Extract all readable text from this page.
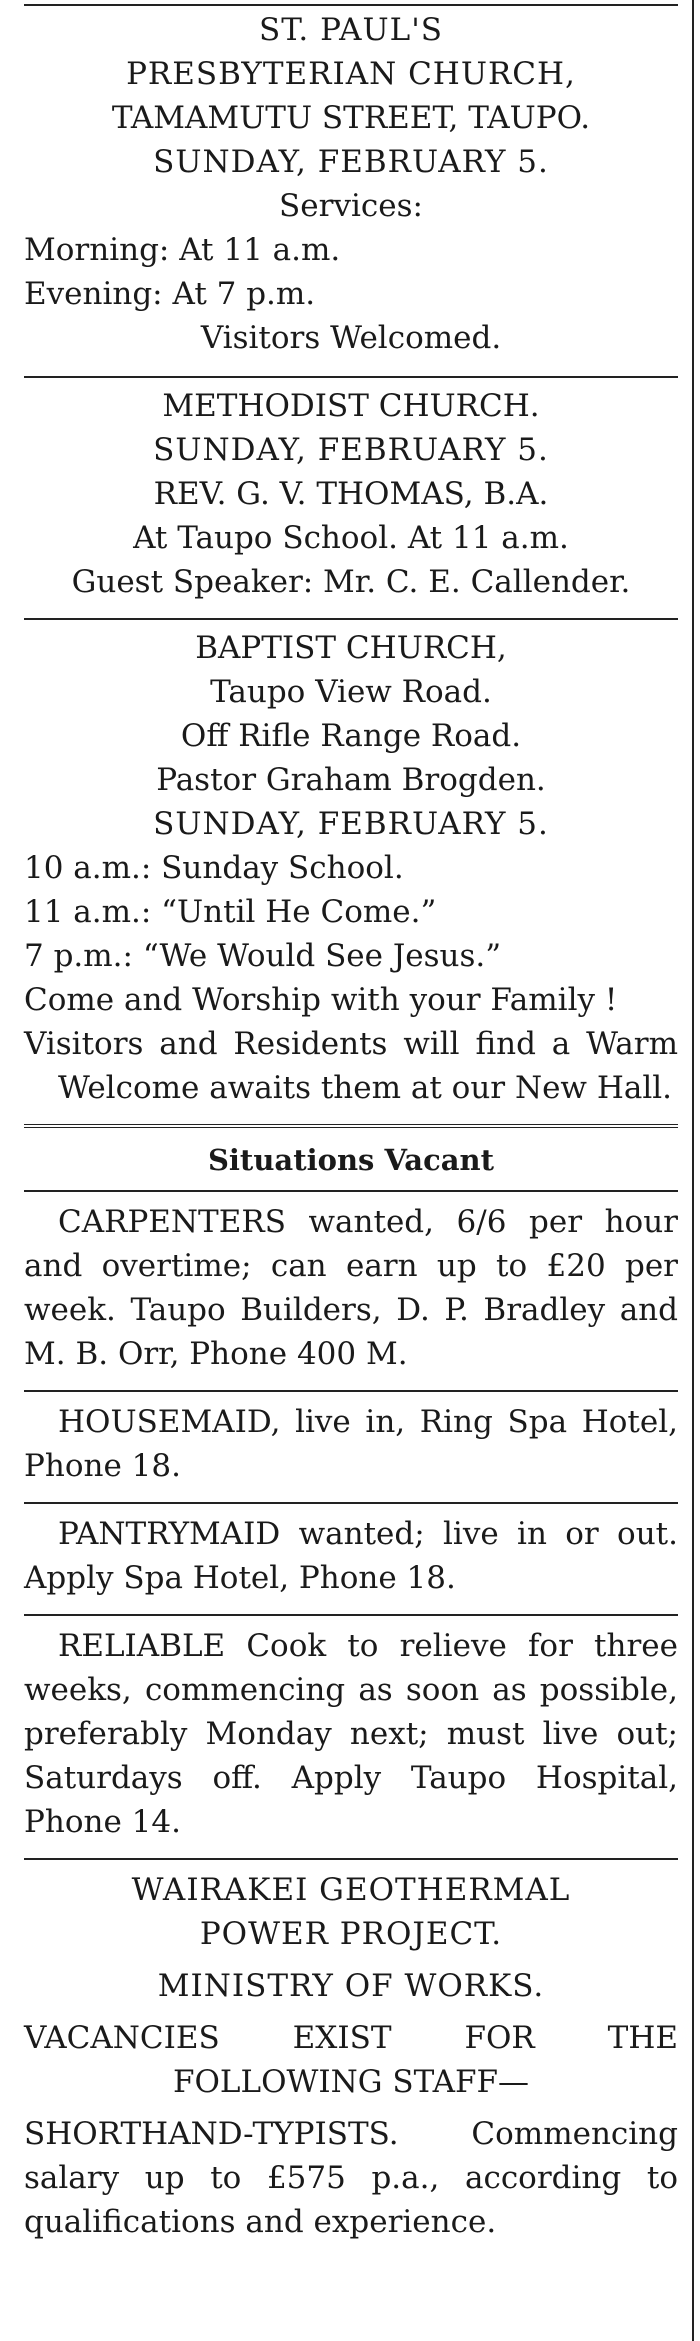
ST. PAUL'S
PRESBYTERIAN CHURCH,
TAMAMUTU STREET, TAUPO.
SUNDAY, FEBRUARY 5.
Services:
Morning: At 11 a.m.
Evening: At 7 p.m.
Visitors Welcomed.
METHODIST CHURCH.
SUNDAY, FEBRUARY 5.
REV. G. V. THOMAS, B.A.
At Taupo School. At 11 a.m.
Guest Speaker: Mr. C. E. Callender.
BAPTIST CHURCH,
Taupo View Road.
Off Rifle Range Road.
Pastor Graham Brogden.
SUNDAY, FEBRUARY 5.
10 a.m.: Sunday School.
11 a.m.: “Until He Come.”
7 p.m.: “We Would See Jesus.”
Come and Worship with your Family !
Visitors and Residents will find a Warm Welcome awaits them at our New Hall.
Situations Vacant
CARPENTERS wanted, 6/6 per hour and overtime; can earn up to £20 per week. Taupo Builders, D. P. Bradley and M. B. Orr, Phone 400 M.
HOUSEMAID, live in, Ring Spa Hotel, Phone 18.
PANTRYMAID wanted; live in or out. Apply Spa Hotel, Phone 18.
RELIABLE Cook to relieve for three weeks, commencing as soon as possible, preferably Monday next; must live out; Saturdays off. Apply Taupo Hospital, Phone 14.
WAIRAKEI GEOTHERMAL
POWER PROJECT.
MINISTRY OF WORKS.
VACANCIES EXIST FOR THE FOLLOWING STAFF—
SHORTHAND-TYPISTS. Commencing salary up to £575 p.a., according to qualifications and experience.
